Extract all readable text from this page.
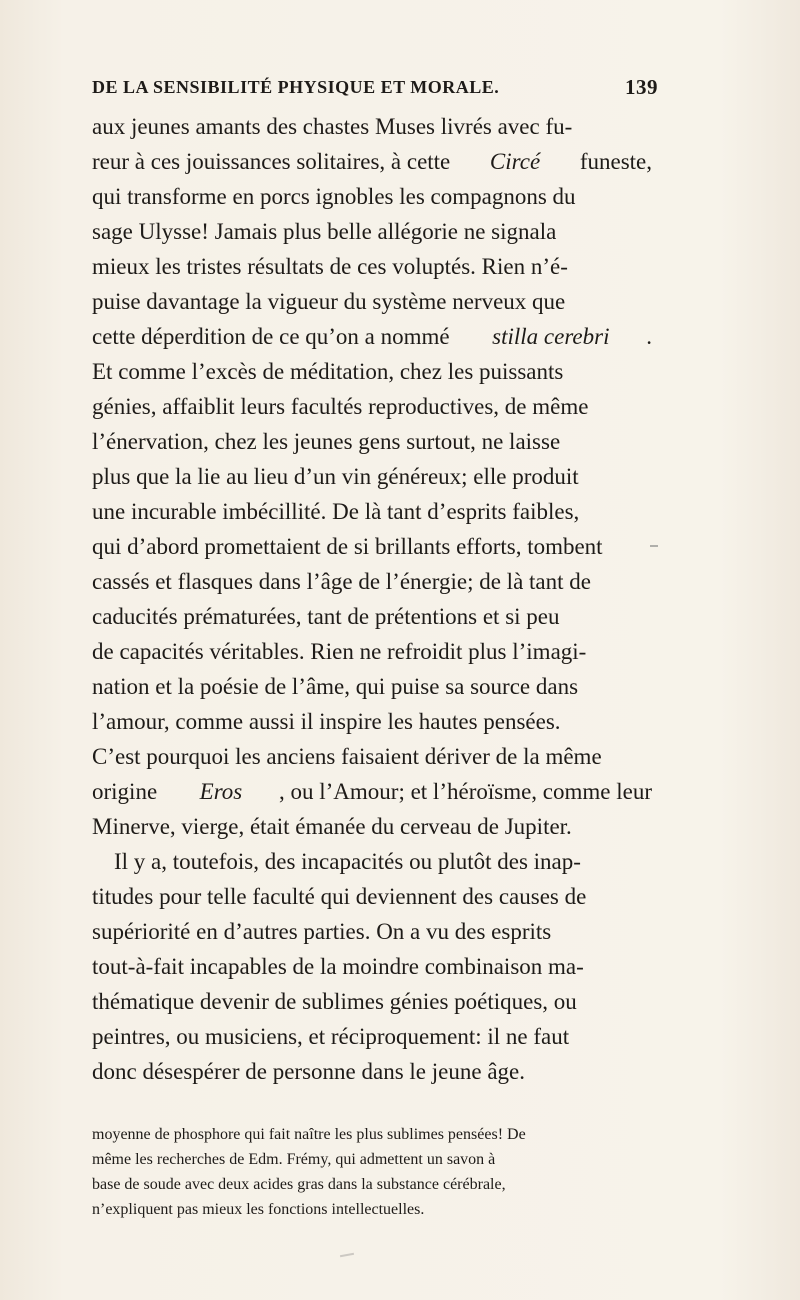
DE LA SENSIBILITÉ PHYSIQUE ET MORALE.	139
aux jeunes amants des chastes Muses livrés avec fu-
reur à ces jouissances solitaires, à cette Circé funeste,
qui transforme en porcs ignobles les compagnons du
sage Ulysse! Jamais plus belle allégorie ne signala
mieux les tristes résultats de ces voluptés. Rien n’é-
puise davantage la vigueur du système nerveux que
cette déperdition de ce qu’on a nommé stilla cerebri .
Et comme l’excès de méditation, chez les puissants
génies, affaiblit leurs facultés reproductives, de même
l’énervation, chez les jeunes gens surtout, ne laisse
plus que la lie au lieu d’un vin généreux; elle produit
une incurable imbécillité. De là tant d’esprits faibles,
qui d’abord promettaient de si brillants efforts, tombent
cassés et flasques dans l’âge de l’énergie; de là tant de
caducités prématurées, tant de prétentions et si peu
de capacités véritables. Rien ne refroidit plus l’imagi-
nation et la poésie de l’âme, qui puise sa source dans
l’amour, comme aussi il inspire les hautes pensées.
C’est pourquoi les anciens faisaient dériver de la même
origine Eros , ou l’Amour; et l’héroïsme, comme leur
Minerve, vierge, était émanée du cerveau de Jupiter.
Il y a, toutefois, des incapacités ou plutôt des inap-
titudes pour telle faculté qui deviennent des causes de
supériorité en d’autres parties. On a vu des esprits
tout-à-fait incapables de la moindre combinaison ma-
thématique devenir de sublimes génies poétiques, ou
peintres, ou musiciens, et réciproquement: il ne faut
donc désespérer de personne dans le jeune âge.
moyenne de phosphore qui fait naître les plus sublimes pensées! De
même les recherches de Edm. Frémy, qui admettent un savon à
base de soude avec deux acides gras dans la substance cérébrale,
n’expliquent pas mieux les fonctions intellectuelles.
